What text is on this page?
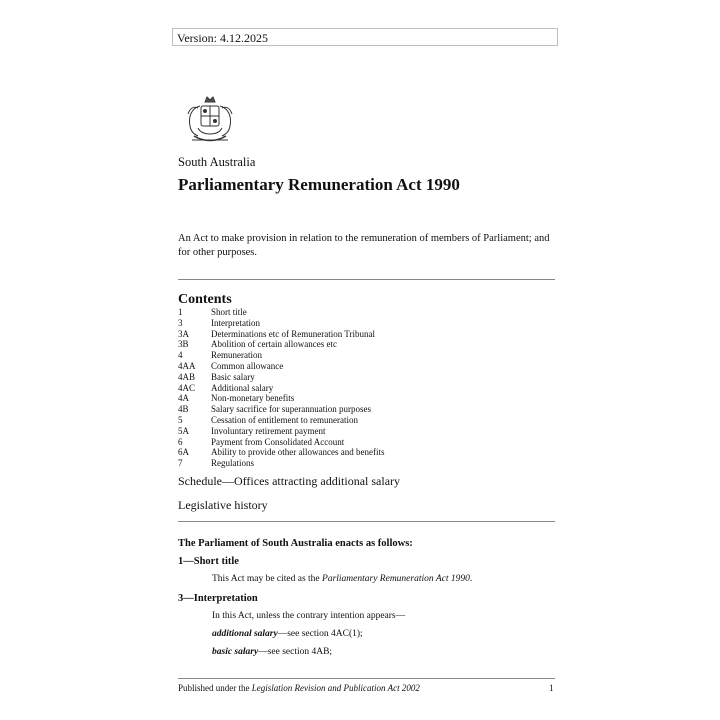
Version: 4.12.2025
South Australia
Parliamentary Remuneration Act 1990
An Act to make provision in relation to the remuneration of members of Parliament; and for other purposes.
Contents
1	Short title
3	Interpretation
3A	Determinations etc of Remuneration Tribunal
3B	Abolition of certain allowances etc
4	Remuneration
4AA	Common allowance
4AB	Basic salary
4AC	Additional salary
4A	Non-monetary benefits
4B	Salary sacrifice for superannuation purposes
5	Cessation of entitlement to remuneration
5A	Involuntary retirement payment
6	Payment from Consolidated Account
6A	Ability to provide other allowances and benefits
7	Regulations
Schedule—Offices attracting additional salary
Legislative history
The Parliament of South Australia enacts as follows:
1—Short title
This Act may be cited as the Parliamentary Remuneration Act 1990.
3—Interpretation
In this Act, unless the contrary intention appears—
additional salary—see section 4AC(1);
basic salary—see section 4AB;
Published under the Legislation Revision and Publication Act 2002	1
